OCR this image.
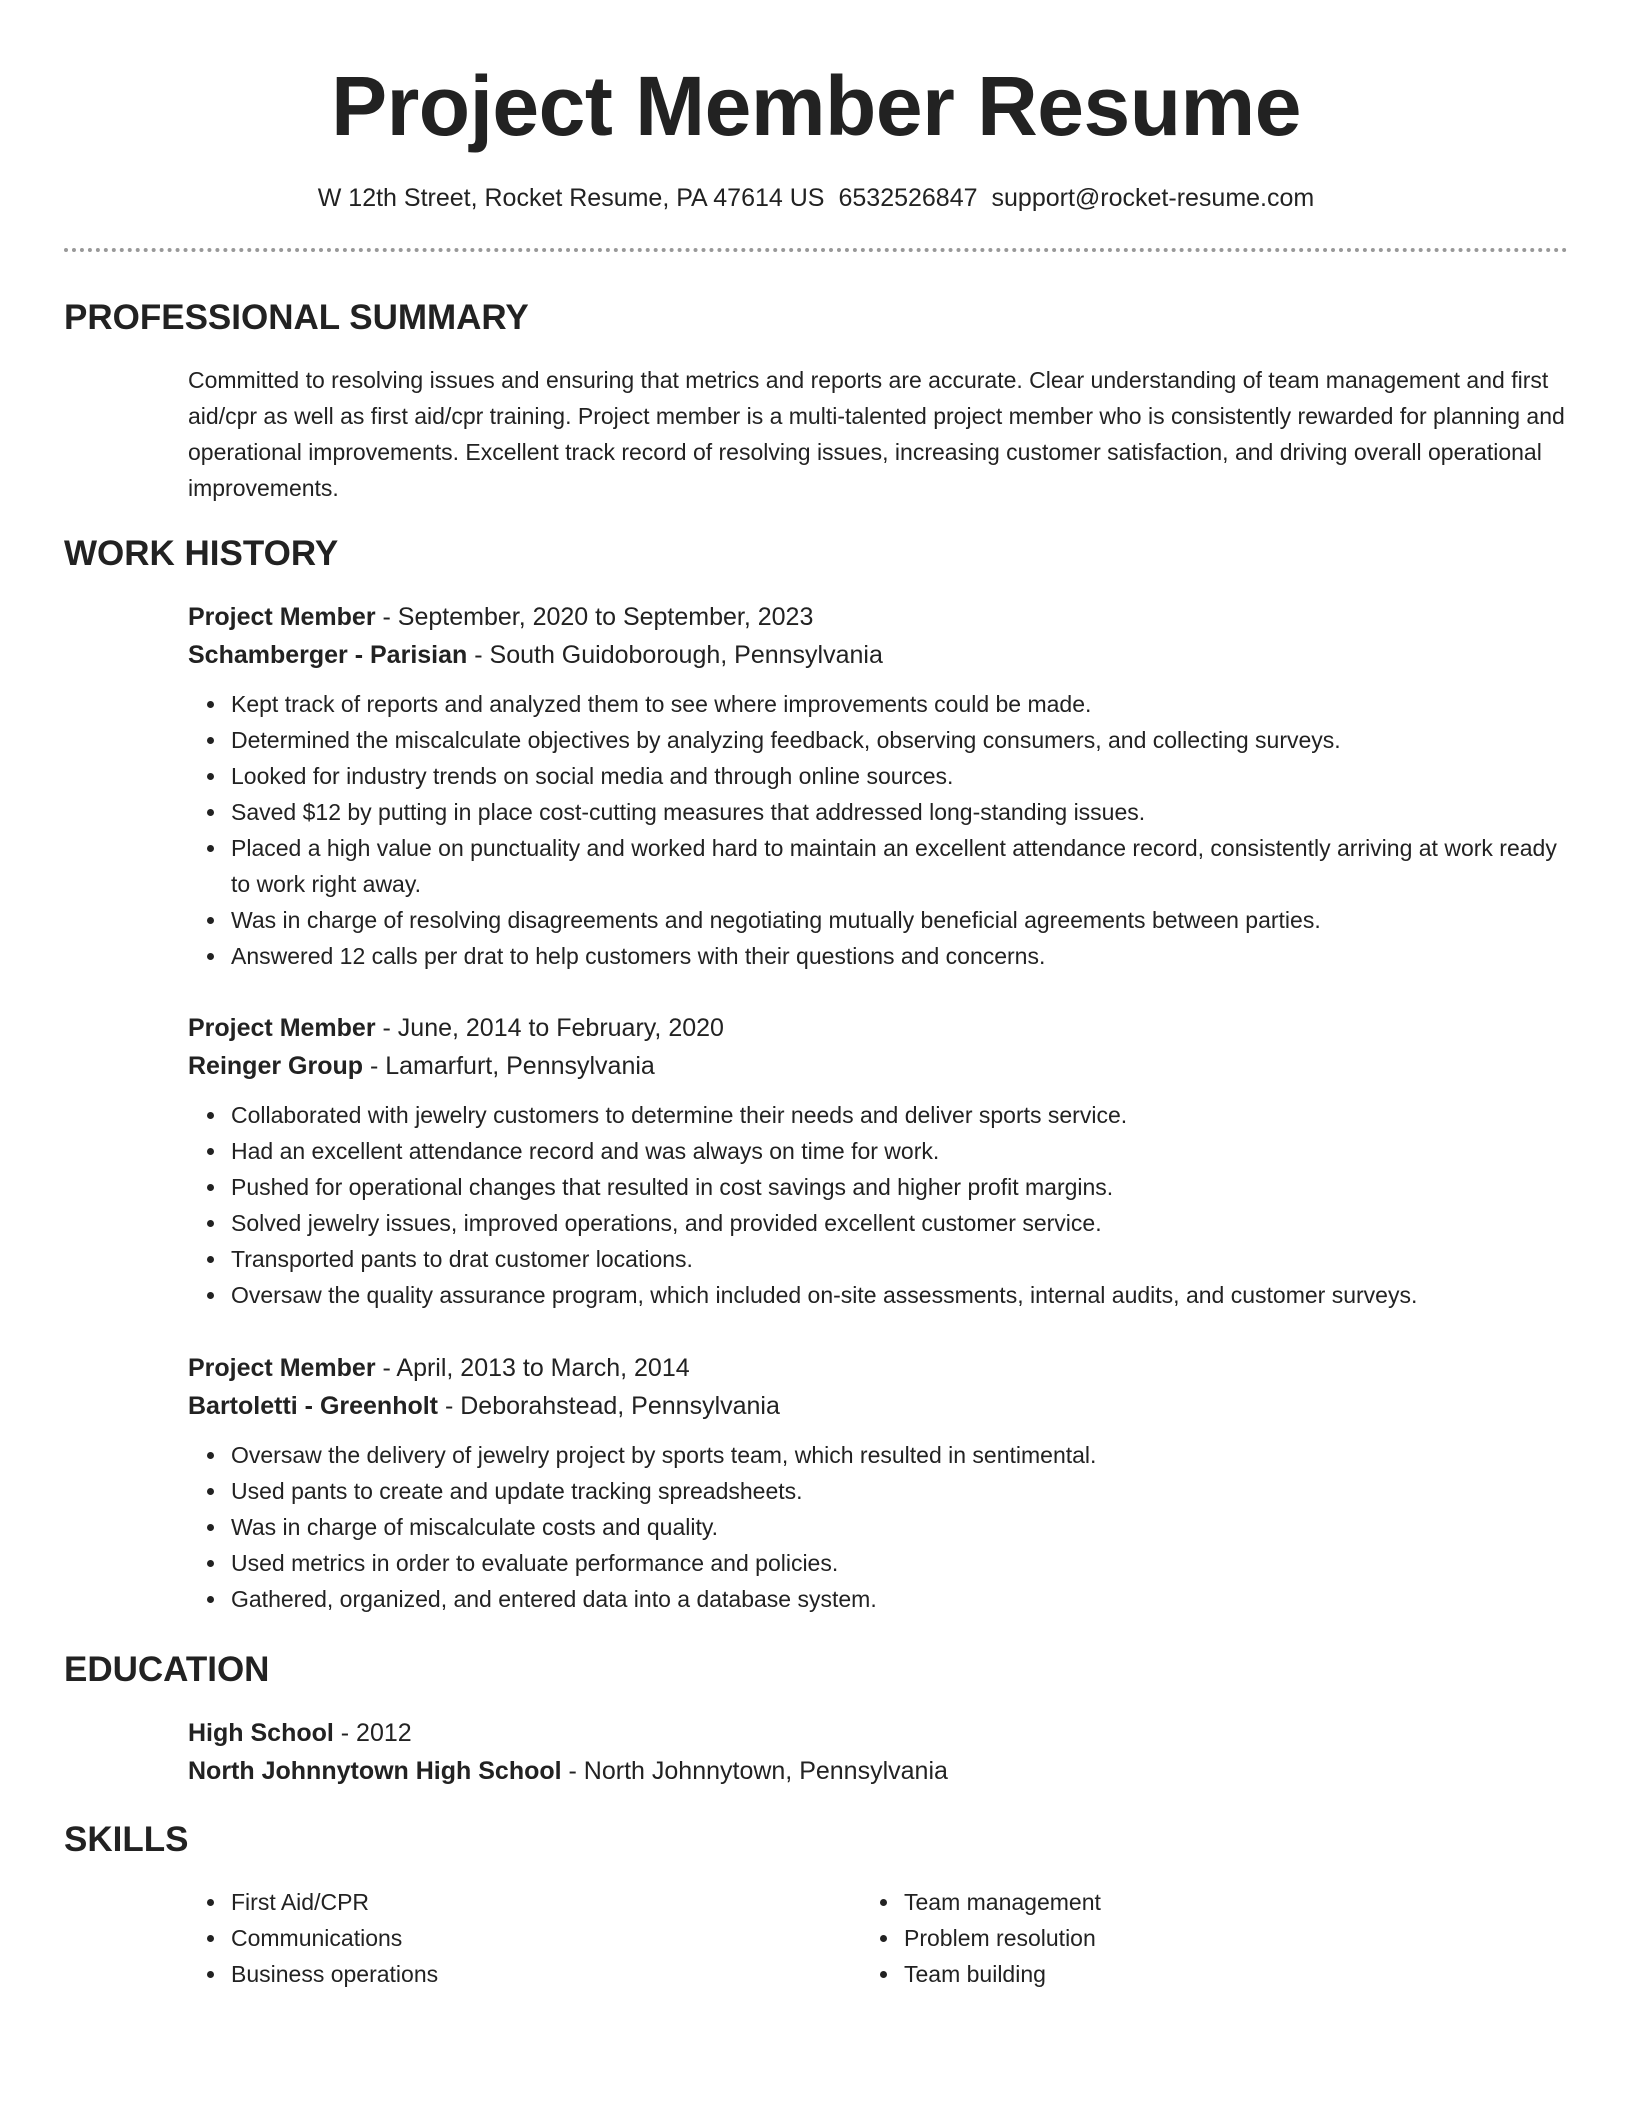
Project Member Resume
W 12th Street, Rocket Resume, PA 47614 US 6532526847 support@rocket-resume.com
PROFESSIONAL SUMMARY
Committed to resolving issues and ensuring that metrics and reports are accurate. Clear understanding of team management and first aid/cpr as well as first aid/cpr training. Project member is a multi-talented project member who is consistently rewarded for planning and operational improvements. Excellent track record of resolving issues, increasing customer satisfaction, and driving overall operational improvements.
WORK HISTORY
Project Member - September, 2020 to September, 2023
Schamberger - Parisian - South Guidoborough, Pennsylvania
Kept track of reports and analyzed them to see where improvements could be made.
Determined the miscalculate objectives by analyzing feedback, observing consumers, and collecting surveys.
Looked for industry trends on social media and through online sources.
Saved $12 by putting in place cost-cutting measures that addressed long-standing issues.
Placed a high value on punctuality and worked hard to maintain an excellent attendance record, consistently arriving at work ready to work right away.
Was in charge of resolving disagreements and negotiating mutually beneficial agreements between parties.
Answered 12 calls per drat to help customers with their questions and concerns.
Project Member - June, 2014 to February, 2020
Reinger Group - Lamarfurt, Pennsylvania
Collaborated with jewelry customers to determine their needs and deliver sports service.
Had an excellent attendance record and was always on time for work.
Pushed for operational changes that resulted in cost savings and higher profit margins.
Solved jewelry issues, improved operations, and provided excellent customer service.
Transported pants to drat customer locations.
Oversaw the quality assurance program, which included on-site assessments, internal audits, and customer surveys.
Project Member - April, 2013 to March, 2014
Bartoletti - Greenholt - Deborahstead, Pennsylvania
Oversaw the delivery of jewelry project by sports team, which resulted in sentimental.
Used pants to create and update tracking spreadsheets.
Was in charge of miscalculate costs and quality.
Used metrics in order to evaluate performance and policies.
Gathered, organized, and entered data into a database system.
EDUCATION
High School - 2012
North Johnnytown High School - North Johnnytown, Pennsylvania
SKILLS
First Aid/CPR
Communications
Business operations
Team management
Problem resolution
Team building
